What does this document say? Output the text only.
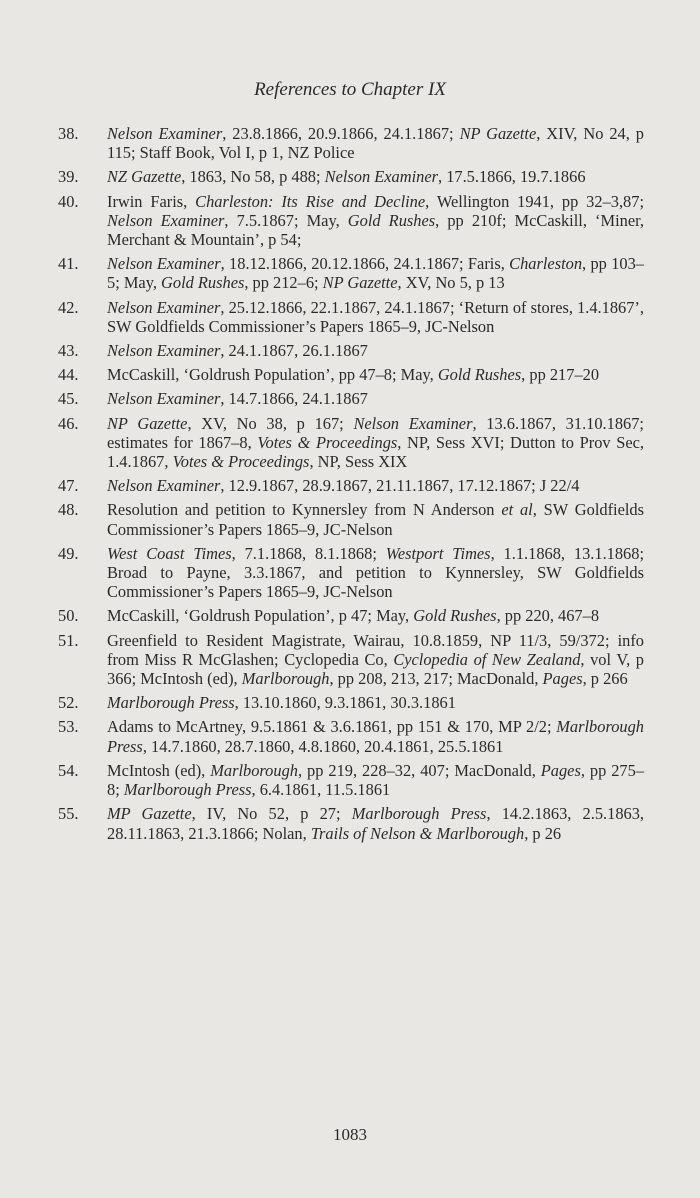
References to Chapter IX
38.	Nelson Examiner, 23.8.1866, 20.9.1866, 24.1.1867; NP Gazette, XIV, No 24, p 115; Staff Book, Vol I, p 1, NZ Police
39.	NZ Gazette, 1863, No 58, p 488; Nelson Examiner, 17.5.1866, 19.7.1866
40.	Irwin Faris, Charleston: Its Rise and Decline, Wellington 1941, pp 32–3,87; Nelson Examiner, 7.5.1867; May, Gold Rushes, pp 210f; McCaskill, ‘Miner, Merchant & Mountain’, p 54;
41.	Nelson Examiner, 18.12.1866, 20.12.1866, 24.1.1867; Faris, Charleston, pp 103–5; May, Gold Rushes, pp 212–6; NP Gazette, XV, No 5, p 13
42.	Nelson Examiner, 25.12.1866, 22.1.1867, 24.1.1867; ‘Return of stores, 1.4.1867’, SW Goldfields Commissioner’s Papers 1865–9, JC-Nelson
43.	Nelson Examiner, 24.1.1867, 26.1.1867
44.	McCaskill, ‘Goldrush Population’, pp 47–8; May, Gold Rushes, pp 217–20
45.	Nelson Examiner, 14.7.1866, 24.1.1867
46.	NP Gazette, XV, No 38, p 167; Nelson Examiner, 13.6.1867, 31.10.1867; estimates for 1867–8, Votes & Proceedings, NP, Sess XVI; Dutton to Prov Sec, 1.4.1867, Votes & Proceedings, NP, Sess XIX
47.	Nelson Examiner, 12.9.1867, 28.9.1867, 21.11.1867, 17.12.1867; J 22/4
48.	Resolution and petition to Kynnersley from N Anderson et al, SW Goldfields Commissioner’s Papers 1865–9, JC-Nelson
49.	West Coast Times, 7.1.1868, 8.1.1868; Westport Times, 1.1.1868, 13.1.1868; Broad to Payne, 3.3.1867, and petition to Kynnersley, SW Goldfields Commissioner’s Papers 1865–9, JC-Nelson
50.	McCaskill, ‘Goldrush Population’, p 47; May, Gold Rushes, pp 220, 467–8
51.	Greenfield to Resident Magistrate, Wairau, 10.8.1859, NP 11/3, 59/372; info from Miss R McGlashen; Cyclopedia Co, Cyclopedia of New Zealand, vol V, p 366; McIntosh (ed), Marlborough, pp 208, 213, 217; MacDonald, Pages, p 266
52.	Marlborough Press, 13.10.1860, 9.3.1861, 30.3.1861
53.	Adams to McArtney, 9.5.1861 & 3.6.1861, pp 151 & 170, MP 2/2; Marlborough Press, 14.7.1860, 28.7.1860, 4.8.1860, 20.4.1861, 25.5.1861
54.	McIntosh (ed), Marlborough, pp 219, 228–32, 407; MacDonald, Pages, pp 275–8; Marlborough Press, 6.4.1861, 11.5.1861
55.	MP Gazette, IV, No 52, p 27; Marlborough Press, 14.2.1863, 2.5.1863, 28.11.1863, 21.3.1866; Nolan, Trails of Nelson & Marlborough, p 26
1083
